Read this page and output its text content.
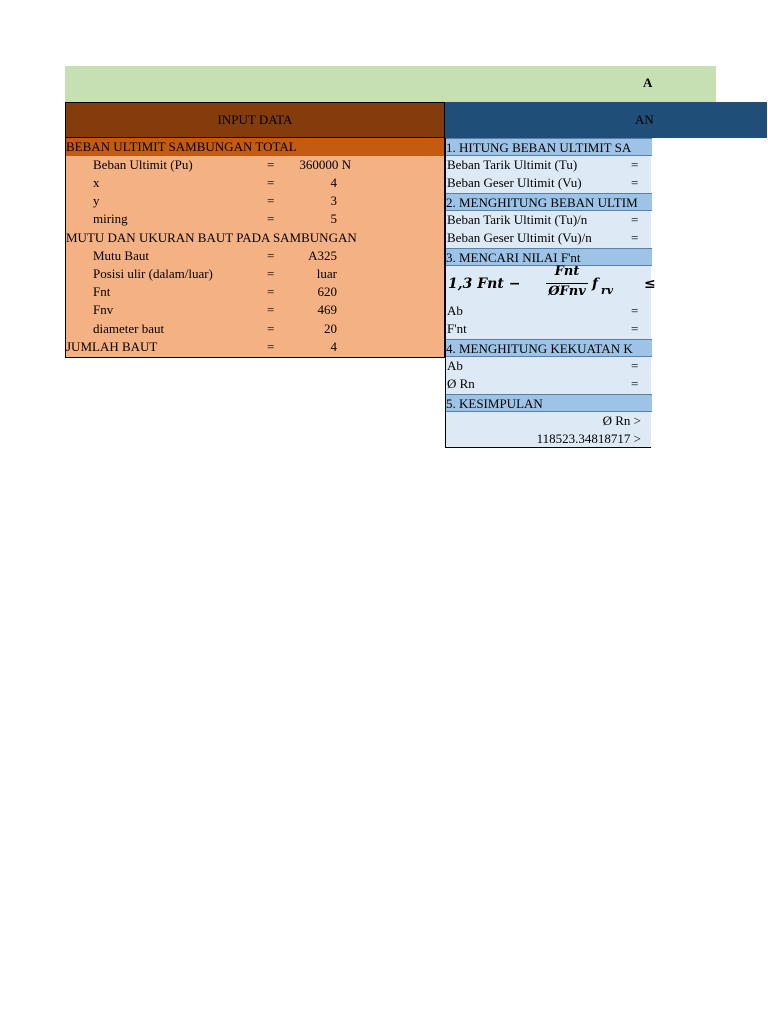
A
INPUT DATA
BEBAN ULTIMIT SAMBUNGAN TOTAL
Beban Ultimit (Pu)	=	360000 N
x	=	4
y	=	3
miring	=	5
MUTU DAN UKURAN BAUT PADA SAMBUNGAN
Mutu Baut	=	A325
Posisi ulir (dalam/luar)	=	luar
Fnt	=	620
Fnv	=	469
diameter baut	=	20
JUMLAH BAUT	=	4
AN
1. HITUNG BEBAN ULTIMIT SA
Beban Tarik Ultimit (Tu)	=
Beban Geser Ultimit (Vu)	=
2. MENGHITUNG BEBAN ULTIM
Beban Tarik Ultimit (Tu)/n	=
Beban Geser Ultimit (Vu)/n	=
3. MENCARI NILAI F'nt
1,3 Fnt −
Fnt
ØFnv f rv ≤
Ab	=
F'nt	=
4. MENGHITUNG KEKUATAN K
Ab	=
Ø Rn	=
5. KESIMPULAN
Ø Rn >
118523.34818717 >
